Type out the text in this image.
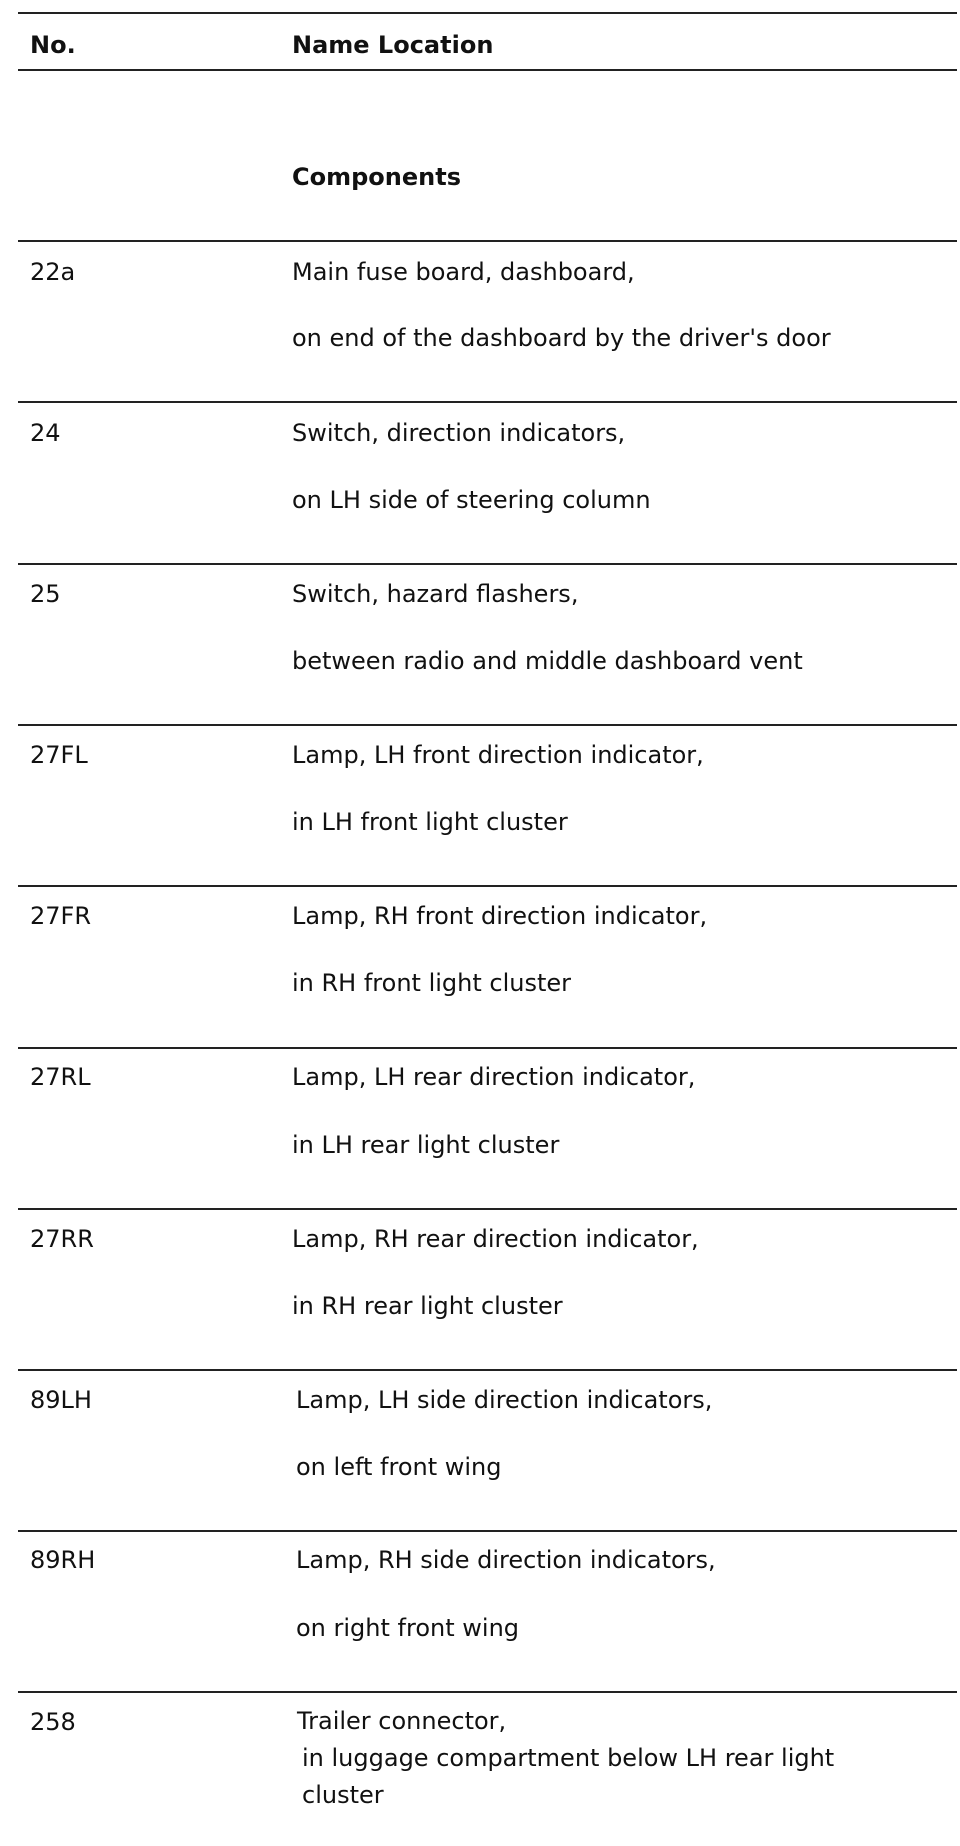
No.	Name Location
Components
22a	Main fuse board, dashboard,
on end of the dashboard by the driver's door
24	Switch, direction indicators,
on LH side of steering column
25	Switch, hazard flashers,
between radio and middle dashboard vent
27FL	Lamp, LH front direction indicator,
in LH front light cluster
27FR	Lamp, RH front direction indicator,
in RH front light cluster
27RL	Lamp, LH rear direction indicator,
in LH rear light cluster
27RR	Lamp, RH rear direction indicator,
in RH rear light cluster
89LH	Lamp, LH side direction indicators,
on left front wing
89RH	Lamp, RH side direction indicators,
on right front wing
258	Trailer connector,
in luggage compartment below LH rear light
cluster
